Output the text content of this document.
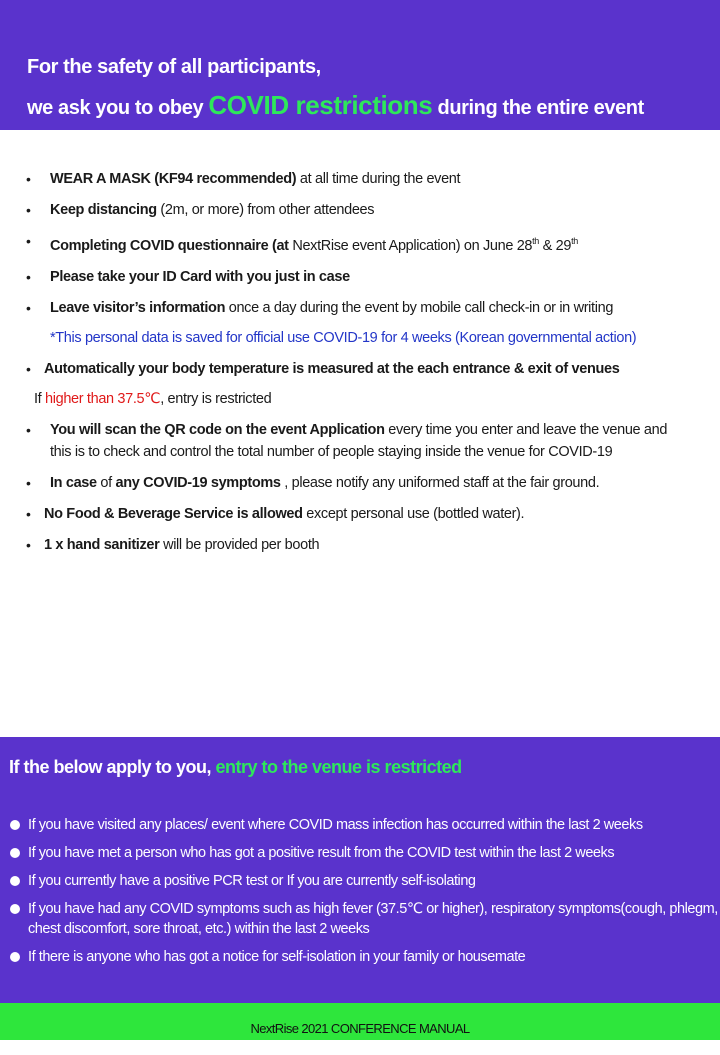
For the safety of all participants,
we ask you to obey COVID restrictions during the entire event
• WEAR A MASK (KF94 recommended) at all time during the event
• Keep distancing (2m, or more) from other attendees
• Completing COVID questionnaire (at NextRise event Application) on June 28th & 29th
• Please take your ID Card with you just in case
• Leave visitor’s information once a day during the event by mobile call check-in or in writing
*This personal data is saved for official use COVID-19 for 4 weeks (Korean governmental action)
• Automatically your body temperature is measured at the each entrance & exit of venues
If higher than 37.5℃, entry is restricted
• You will scan the QR code on the event Application every time you enter and leave the venue and
this is to check and control the total number of people staying inside the venue for COVID-19
• In case of any COVID-19 symptoms , please notify any uniformed staff at the fair ground.
• No Food & Beverage Service is allowed except personal use (bottled water).
• 1 x hand sanitizer will be provided per booth
If the below apply to you, entry to the venue is restricted
If you have visited any places/ event where COVID mass infection has occurred within the last 2 weeks
If you have met a person who has got a positive result from the COVID test within the last 2 weeks
If you currently have a positive PCR test or If you are currently self-isolating
If you have had any COVID symptoms such as high fever (37.5℃ or higher), respiratory symptoms(cough, phlegm, chest discomfort, sore throat, etc.) within the last 2 weeks
If there is anyone who has got a notice for self-isolation in your family or housemate
NextRise 2021 CONFERENCE MANUAL
